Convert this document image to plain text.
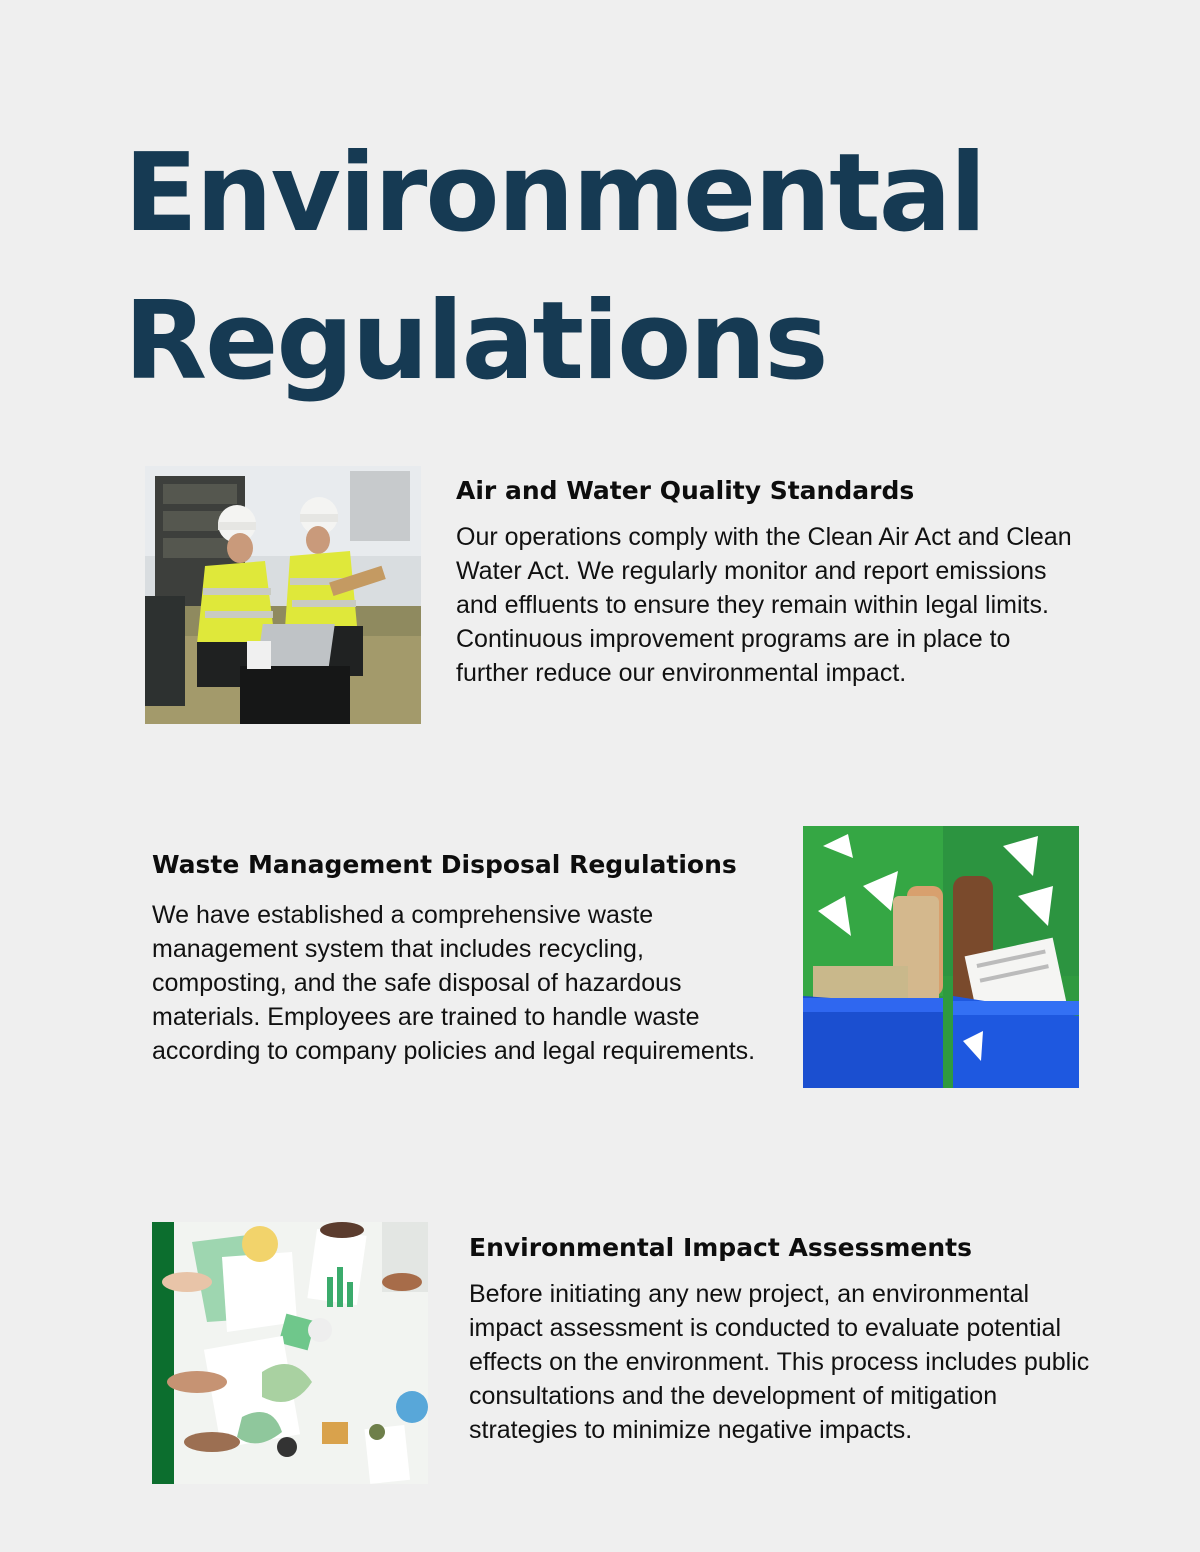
Environmental
Regulations
Air and Water Quality Standards

Our operations comply with the Clean Air Act and Clean Water Act. We regularly monitor and report emissions and effluents to ensure they remain within legal limits. Continuous improvement programs are in place to further reduce our environmental impact.

Waste Management Disposal Regulations

We have established a comprehensive waste management system that includes recycling, composting, and the safe disposal of hazardous materials. Employees are trained to handle waste according to company policies and legal requirements.

Environmental Impact Assessments

Before initiating any new project, an environmental impact assessment is conducted to evaluate potential effects on the environment. This process includes public consultations and the development of mitigation strategies to minimize negative impacts.
